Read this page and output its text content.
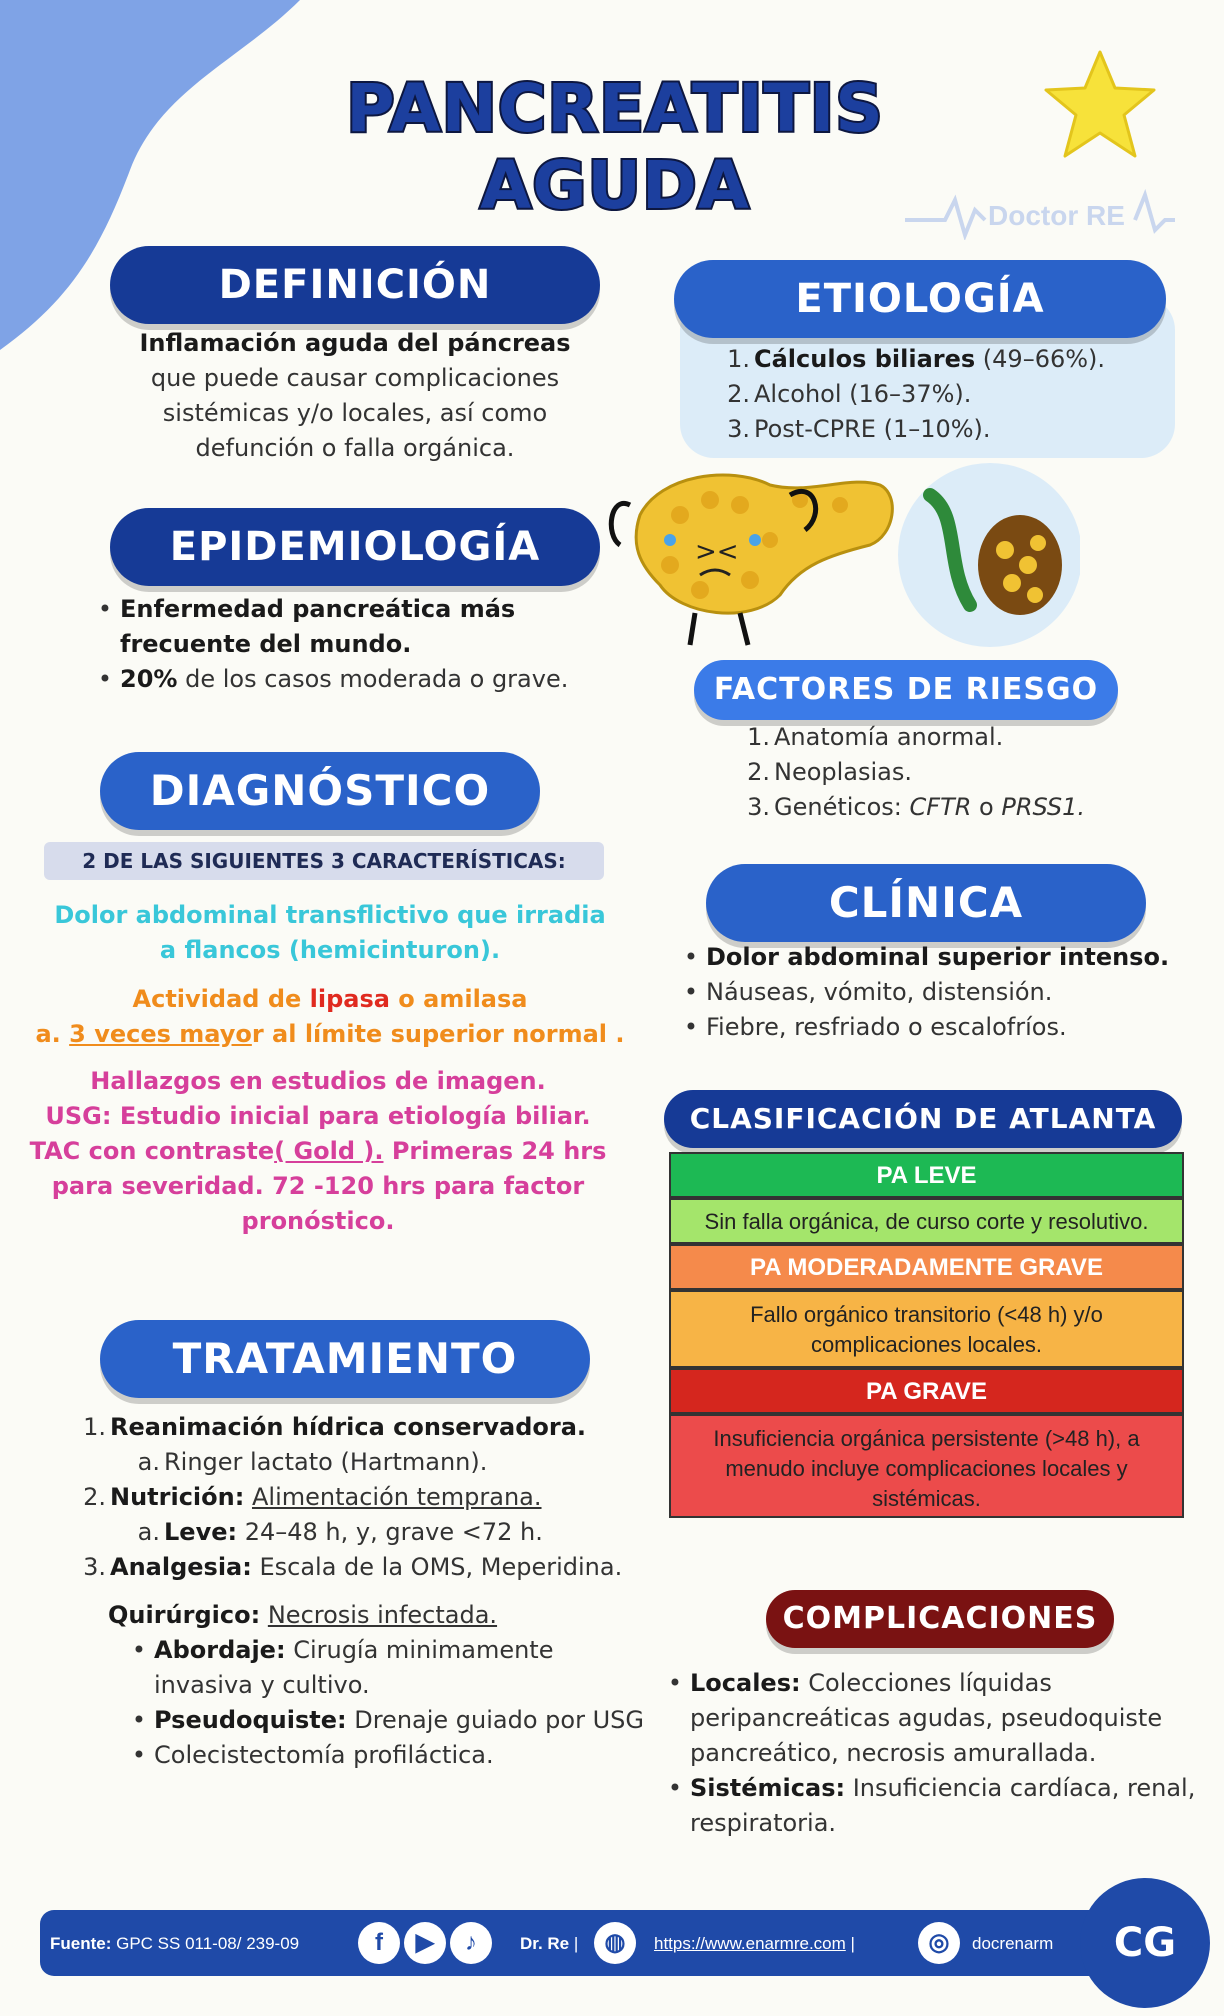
PANCREATITIS AGUDA	Doctor RE
DEFINICIÓN
Inflamación aguda del páncreas
que puede causar complicaciones
sistémicas y/o locales, así como
defunción o falla orgánica.
ETIOLOGÍA
1. Cálculos biliares (49–66%).
2. Alcohol (16–37%).
3. Post-CPRE (1–10%).
><
EPIDEMIOLOGÍA
• Enfermedad pancreática más
frecuente del mundo.
• 20% de los casos moderada o grave.	FACTORES DE RIESGO
1. Anatomía anormal.
2. Neoplasias.
3. Genéticos: CFTR o PRSS1.
DIAGNÓSTICO
2 DE LAS SIGUIENTES 3 CARACTERÍSTICAS:
Dolor abdominal transflictivo que irradia
a flancos (hemicinturon).
Actividad de lipasa o amilasa
a. 3 veces mayor al límite superior normal .
Hallazgos en estudios de imagen.
USG: Estudio inicial para etiología biliar.
TAC con contraste( Gold ). Primeras 24 hrs
para severidad. 72 -120 hrs para factor
pronóstico.
CLÍNICA
• Dolor abdominal superior intenso.
• Náuseas, vómito, distensión.
• Fiebre, resfriado o escalofríos.
CLASIFICACIÓN DE ATLANTA
PA LEVE
Sin falla orgánica, de curso corte y resolutivo.
PA MODERADAMENTE GRAVE
Fallo orgánico transitorio (<48 h) y/o
complicaciones locales.
PA GRAVE
Insuficiencia orgánica persistente (>48 h), a
menudo incluye complicaciones locales y
sistémicas.
TRATAMIENTO
1. Reanimación hídrica conservadora.
a. Ringer lactato (Hartmann).
2. Nutrición: Alimentación temprana.
a. Leve: 24–48 h, y, grave <72 h.
3. Analgesia: Escala de la OMS, Meperidina.
Quirúrgico: Necrosis infectada.
• Abordaje: Cirugía minimamente
invasiva y cultivo.
• Pseudoquiste: Drenaje guiado por USG
• Colecistectomía profiláctica.
COMPLICACIONES
• Locales: Colecciones líquidas
peripancreáticas agudas, pseudoquiste
pancreático, necrosis amurallada.
• Sistémicas: Insuficiencia cardíaca, renal,
respiratoria.
Fuente: GPC SS 011-08/ 239-09	f	▶	♪	Dr. Re |	◍	https://www.enarmre.com |	◎	docrenarm	CG
